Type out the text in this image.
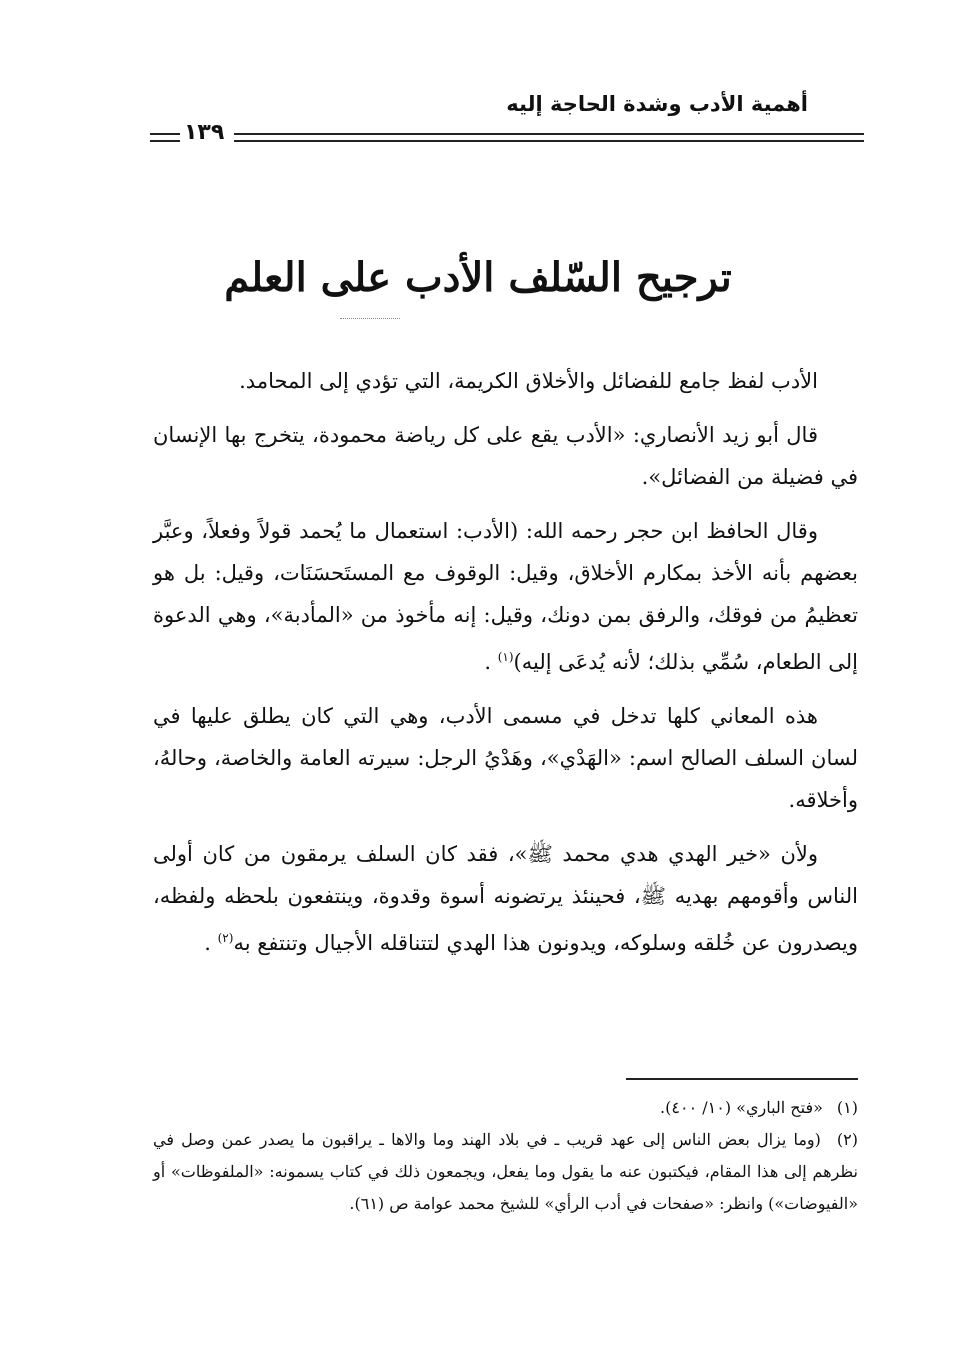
أهمية الأدب وشدة الحاجة إليه
١٣٩
ترجيح السّلف الأدب على العلم

الأدب لفظ جامع للفضائل والأخلاق الكريمة، التي تؤدي إلى المحامد.

قال أبو زيد الأنصاري: «الأدب يقع على كل رياضة محمودة، يتخرج بها الإنسان في فضيلة من الفضائل».

وقال الحافظ ابن حجر رحمه الله: (الأدب: استعمال ما يُحمد قولاً وفعلاً، وعبَّر بعضهم بأنه الأخذ بمكارم الأخلاق، وقيل: الوقوف مع المستَحسَنَات، وقيل: بل هو تعظيمُ من فوقك، والرفق بمن دونك، وقيل: إنه مأخوذ من «المأدبة»، وهي الدعوة إلى الطعام، سُمِّي بذلك؛ لأنه يُدعَى إليه)$^{(١)}$ .

هذه المعاني كلها تدخل في مسمى الأدب، وهي التي كان يطلق عليها في لسان السلف الصالح اسم: «الهَدْي»، وهَدْيُ الرجل: سيرته العامة والخاصة، وحالهُ، وأخلاقه.

ولأن «خير الهدي هدي محمد ﷺ»، فقد كان السلف يرمقون من كان أولى الناس وأقومهم بهديه ﷺ، فحينئذ يرتضونه أسوة وقدوة، وينتفعون بلحظه ولفظه، ويصدرون عن خُلقه وسلوكه، ويدونون هذا الهدي لتتناقله الأجيال وتنتفع به$^{(٢)}$ .

(١) «فتح الباري» (١٠/ ٤٠٠).

(٢) (وما يزال بعض الناس إلى عهد قريب ـ في بلاد الهند وما والاها ـ يراقبون ما يصدر عمن وصل في نظرهم إلى هذا المقام، فيكتبون عنه ما يقول وما يفعل، ويجمعون ذلك في كتاب يسمونه: «الملفوظات» أو «الفيوضات») وانظر: «صفحات في أدب الرأي» للشيخ محمد عوامة ص (٦١).
